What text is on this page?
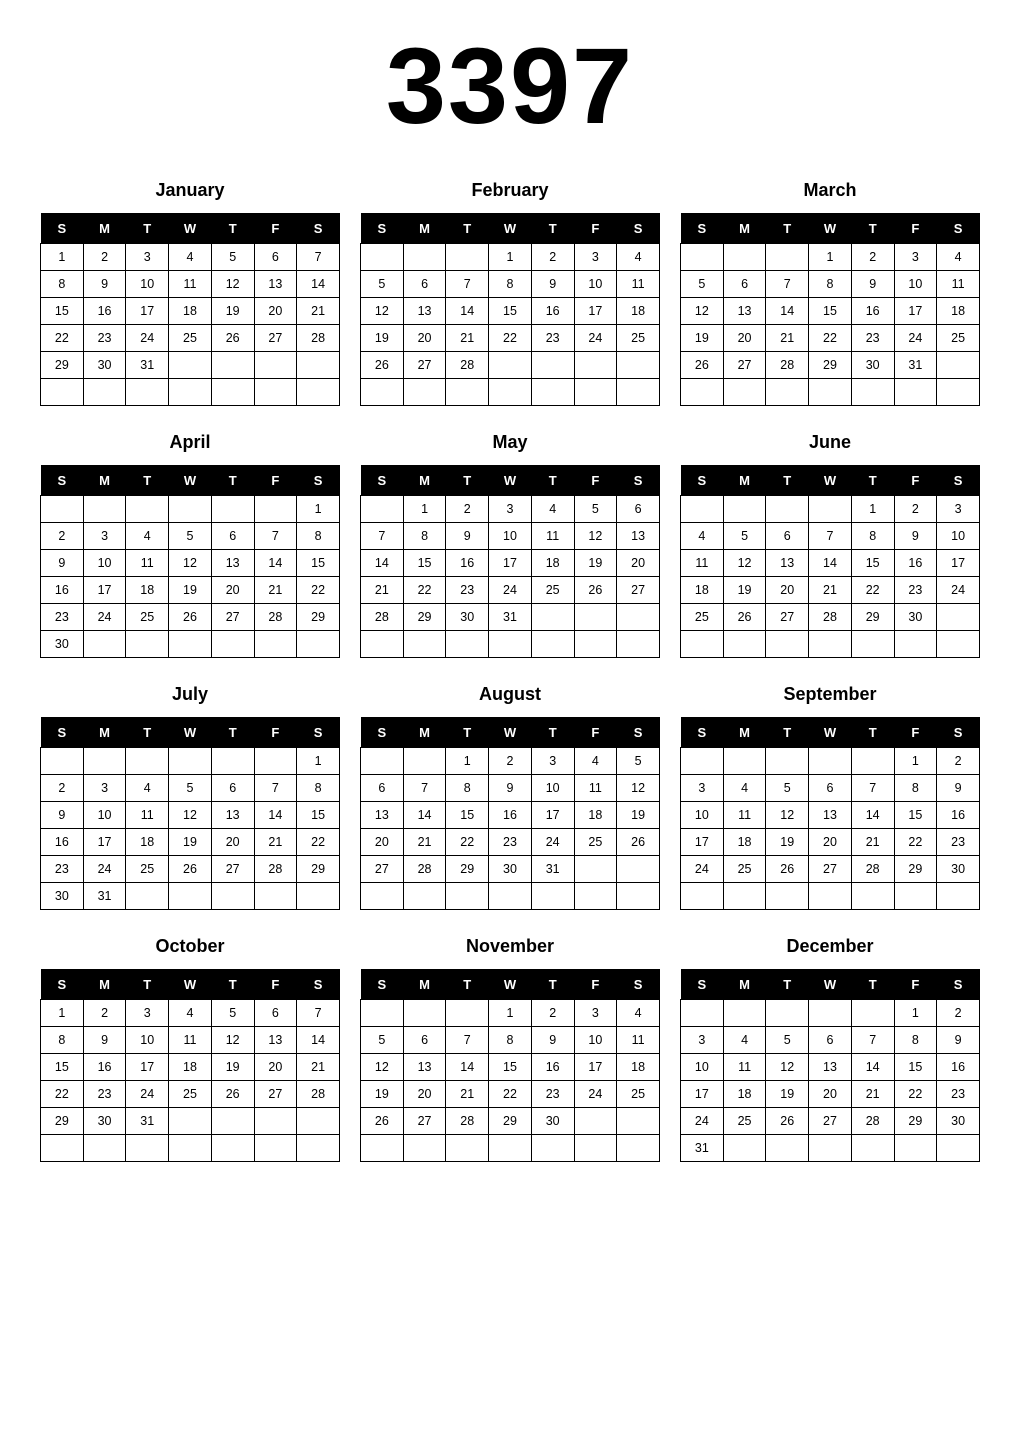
3397
January
S	M	T	W	T	F	S
1	2	3	4	5	6	7
8	9	10	11	12	13	14
15	16	17	18	19	20	21
22	23	24	25	26	27	28
29	30	31				

February
S	M	T	W	T	F	S
			1	2	3	4
5	6	7	8	9	10	11
12	13	14	15	16	17	18
19	20	21	22	23	24	25
26	27	28				

March
S	M	T	W	T	F	S
			1	2	3	4
5	6	7	8	9	10	11
12	13	14	15	16	17	18
19	20	21	22	23	24	25
26	27	28	29	30	31	

April
S	M	T	W	T	F	S
						1
2	3	4	5	6	7	8
9	10	11	12	13	14	15
16	17	18	19	20	21	22
23	24	25	26	27	28	29
30						
May
S	M	T	W	T	F	S
	1	2	3	4	5	6
7	8	9	10	11	12	13
14	15	16	17	18	19	20
21	22	23	24	25	26	27
28	29	30	31			

June
S	M	T	W	T	F	S
				1	2	3
4	5	6	7	8	9	10
11	12	13	14	15	16	17
18	19	20	21	22	23	24
25	26	27	28	29	30	

July
S	M	T	W	T	F	S
						1
2	3	4	5	6	7	8
9	10	11	12	13	14	15
16	17	18	19	20	21	22
23	24	25	26	27	28	29
30	31					
August
S	M	T	W	T	F	S
		1	2	3	4	5
6	7	8	9	10	11	12
13	14	15	16	17	18	19
20	21	22	23	24	25	26
27	28	29	30	31		

September
S	M	T	W	T	F	S
					1	2
3	4	5	6	7	8	9
10	11	12	13	14	15	16
17	18	19	20	21	22	23
24	25	26	27	28	29	30

October
S	M	T	W	T	F	S
1	2	3	4	5	6	7
8	9	10	11	12	13	14
15	16	17	18	19	20	21
22	23	24	25	26	27	28
29	30	31				

November
S	M	T	W	T	F	S
			1	2	3	4
5	6	7	8	9	10	11
12	13	14	15	16	17	18
19	20	21	22	23	24	25
26	27	28	29	30		

December
S	M	T	W	T	F	S
					1	2
3	4	5	6	7	8	9
10	11	12	13	14	15	16
17	18	19	20	21	22	23
24	25	26	27	28	29	30
31						
